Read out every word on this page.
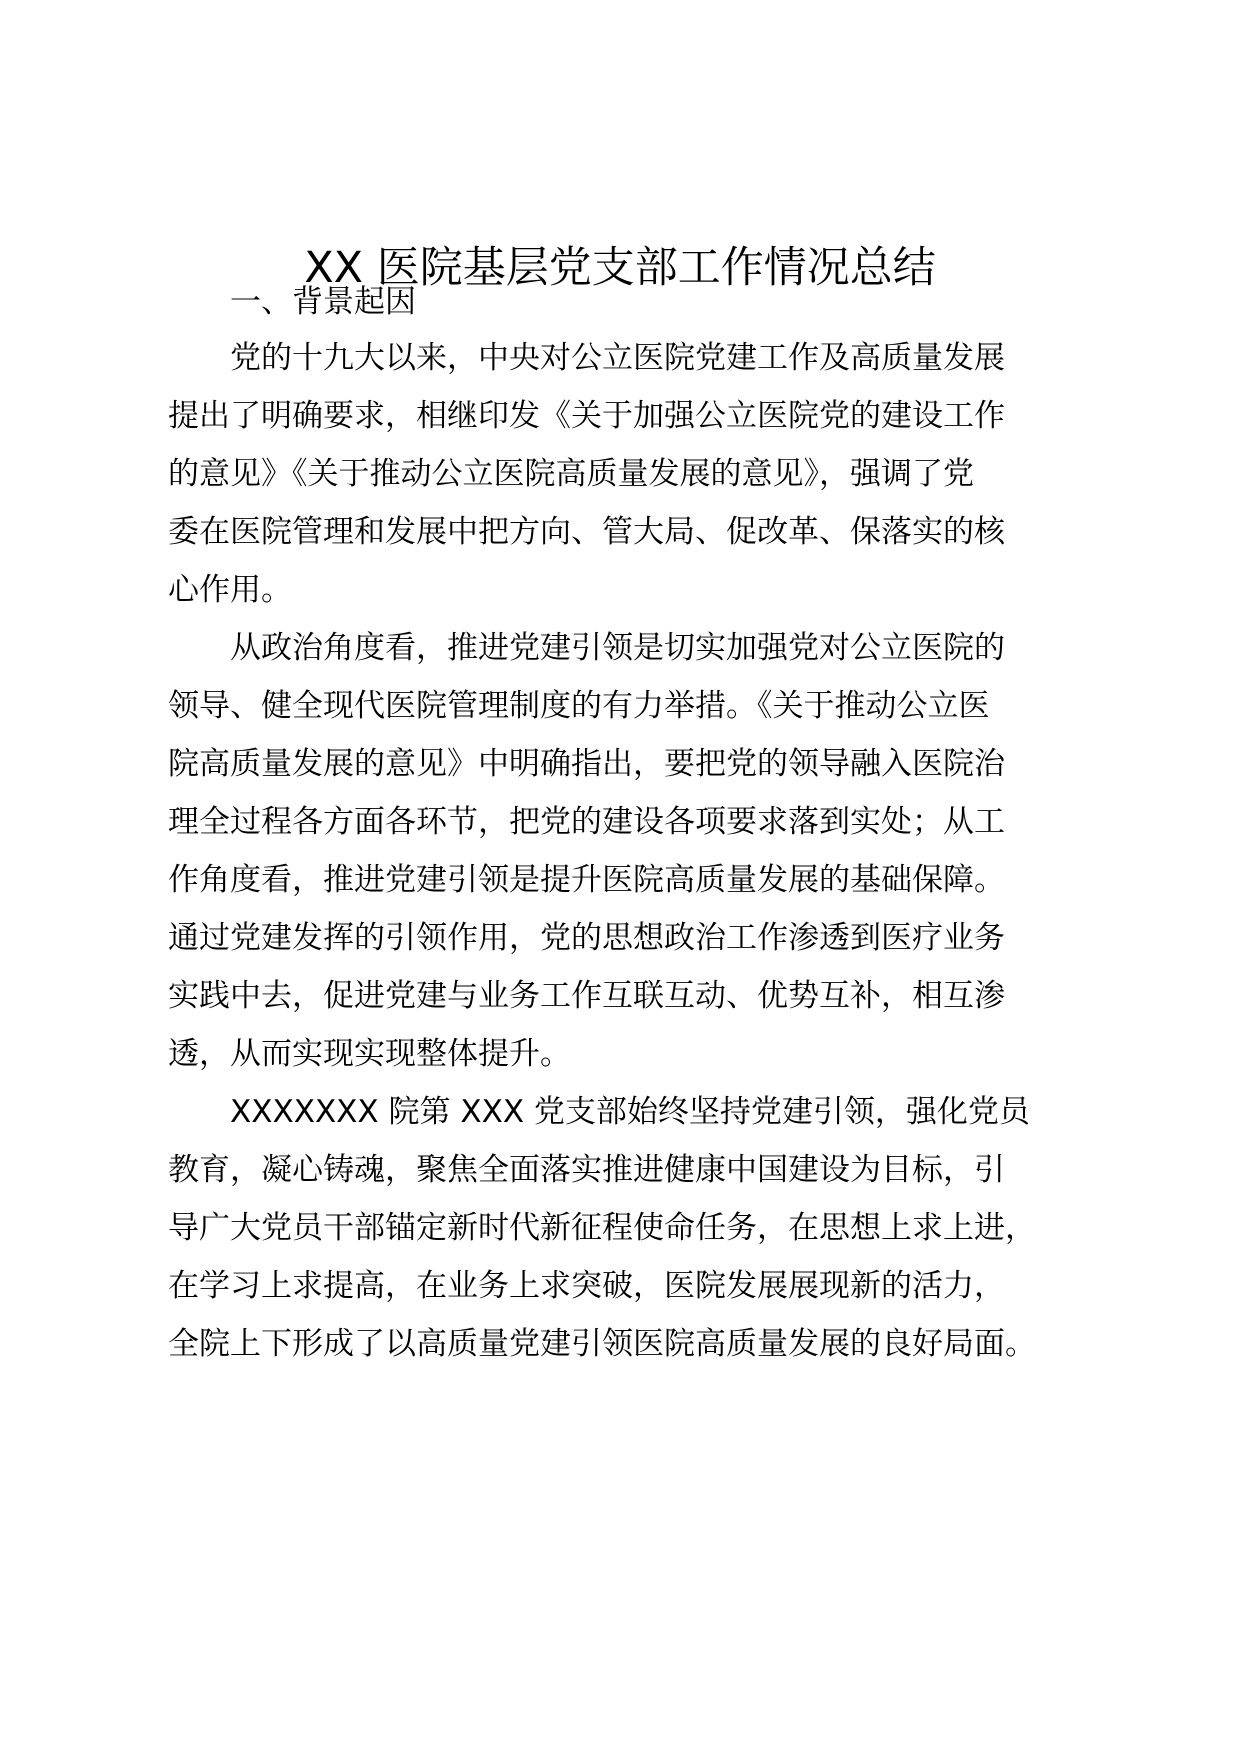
XX 医院基层党支部工作情况总结

一、背景起因

党的十九大以来，中央对公立医院党建工作及高质量发展

提出了明确要求，相继印发《关于加强公立医院党的建设工作

的意见》《关于推动公立医院高质量发展的意见》，强调了党

委在医院管理和发展中把方向、管大局、促改革、保落实的核

心作用。

从政治角度看，推进党建引领是切实加强党对公立医院的

领导、健全现代医院管理制度的有力举措。《关于推动公立医

院高质量发展的意见》中明确指出，要把党的领导融入医院治

理全过程各方面各环节，把党的建设各项要求落到实处；从工

作角度看，推进党建引领是提升医院高质量发展的基础保障。

通过党建发挥的引领作用，党的思想政治工作渗透到医疗业务

实践中去，促进党建与业务工作互联互动、优势互补，相互渗

透，从而实现实现整体提升。

XXXXXXX 院第 XXX 党支部始终坚持党建引领，强化党员

教育，凝心铸魂，聚焦全面落实推进健康中国建设为目标，引

导广大党员干部锚定新时代新征程使命任务，在思想上求上进，

在学习上求提高，在业务上求突破，医院发展展现新的活力，

全院上下形成了以高质量党建引领医院高质量发展的良好局面。
